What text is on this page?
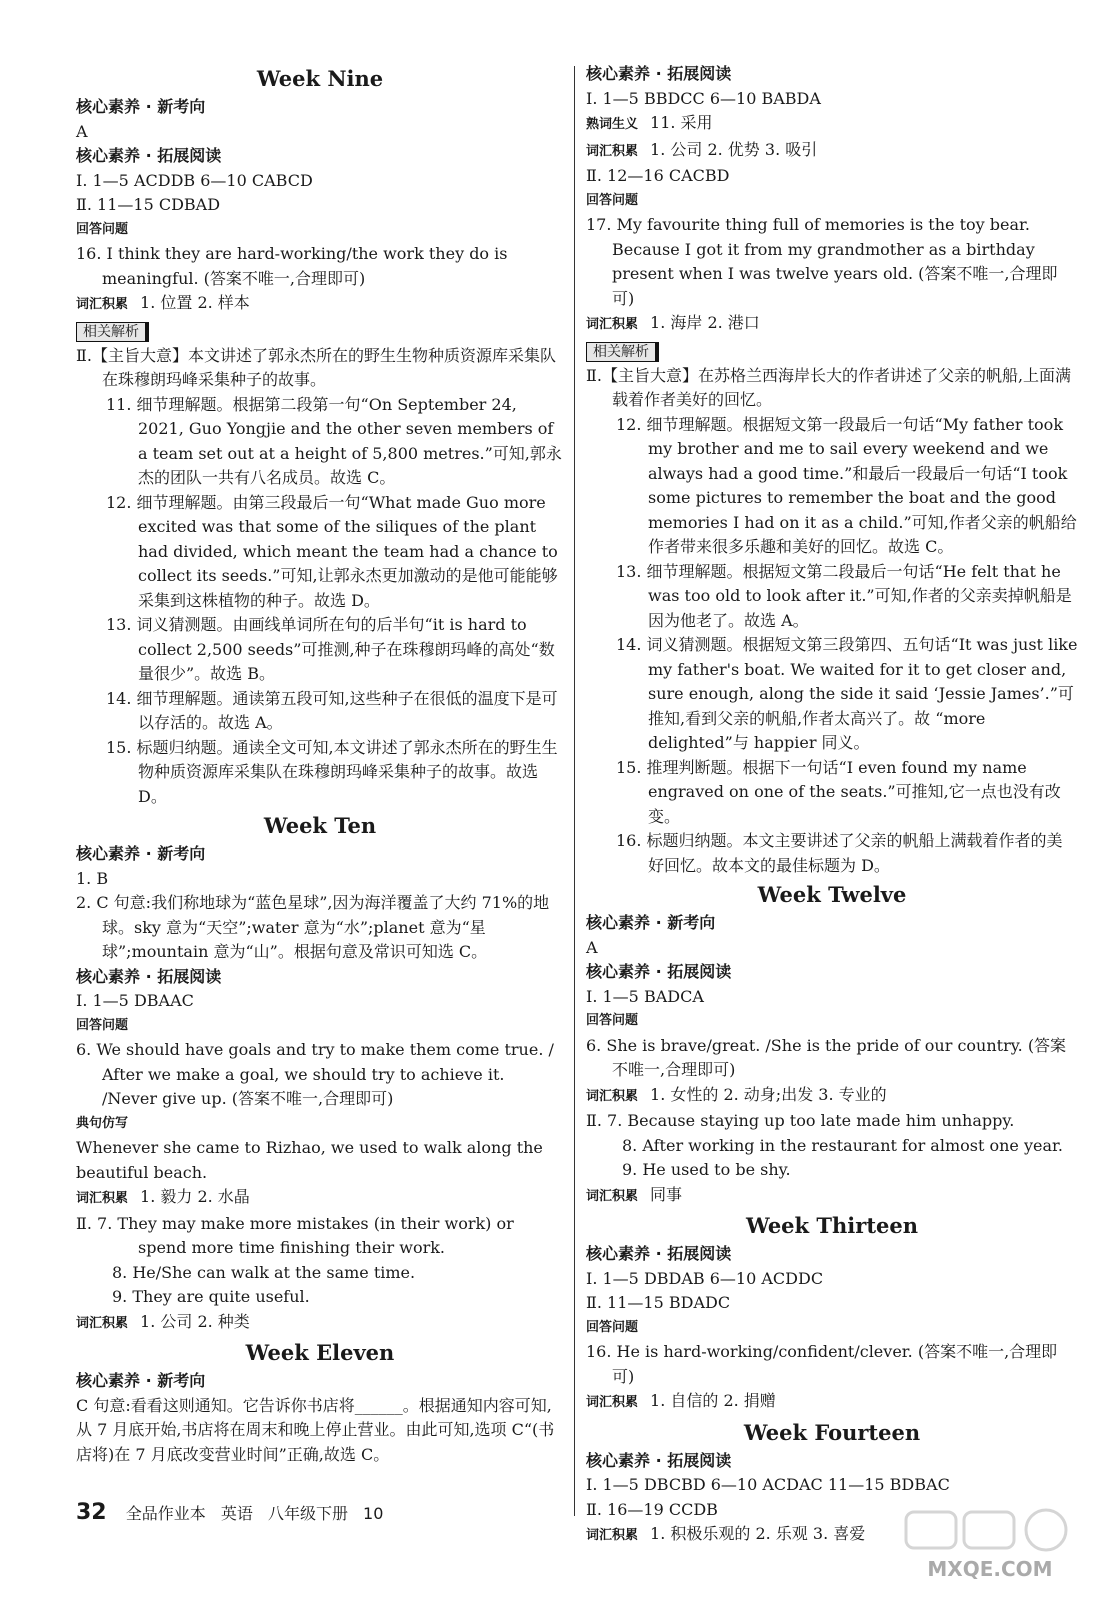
Week Nine
核心素养 · 新考向
A
核心素养 · 拓展阅读
Ⅰ. 1—5 ACDDB 6—10 CABCD
Ⅱ. 11—15 CDBAD
回答问题
16. I think they are hard-working/the work they do is meaningful. (答案不唯一,合理即可)
词汇积累 1. 位置 2. 样本
相关解析
Ⅱ.【主旨大意】本文讲述了郭永杰所在的野生生物种质资源库采集队在珠穆朗玛峰采集种子的故事。
11. 细节理解题。根据第二段第一句“On September 24, 2021, Guo Yongjie and the other seven members of a team set out at a height of 5,800 metres.”可知,郭永杰的团队一共有八名成员。故选 C。
12. 细节理解题。由第三段最后一句“What made Guo more excited was that some of the siliques of the plant had divided, which meant the team had a chance to collect its seeds.”可知,让郭永杰更加激动的是他可能能够采集到这株植物的种子。故选 D。
13. 词义猜测题。由画线单词所在句的后半句“it is hard to collect 2,500 seeds”可推测,种子在珠穆朗玛峰的高处“数量很少”。故选 B。
14. 细节理解题。通读第五段可知,这些种子在很低的温度下是可以存活的。故选 A。
15. 标题归纳题。通读全文可知,本文讲述了郭永杰所在的野生生物种质资源库采集队在珠穆朗玛峰采集种子的故事。故选 D。
Week Ten
核心素养 · 新考向
1. B
2. C 句意:我们称地球为“蓝色星球”,因为海洋覆盖了大约 71%的地球。sky 意为“天空”;water 意为“水”;planet 意为“星球”;mountain 意为“山”。根据句意及常识可知选 C。
核心素养 · 拓展阅读
Ⅰ. 1—5 DBAAC
回答问题
6. We should have goals and try to make them come true. / After we make a goal, we should try to achieve it. /Never give up. (答案不唯一,合理即可)
典句仿写
Whenever she came to Rizhao, we used to walk along the beautiful beach.
词汇积累 1. 毅力 2. 水晶
Ⅱ. 7. They may make more mistakes (in their work) or spend more time finishing their work.
8. He/She can walk at the same time.
9. They are quite useful.
词汇积累 1. 公司 2. 种类
Week Eleven
核心素养 · 新考向
C 句意:看看这则通知。它告诉你书店将______。根据通知内容可知,从 7 月底开始,书店将在周末和晚上停止营业。由此可知,选项 C“(书店将)在 7 月底改变营业时间”正确,故选 C。
核心素养 · 拓展阅读
Ⅰ. 1—5 BBDCC 6—10 BABDA
熟词生义 11. 采用
词汇积累 1. 公司 2. 优势 3. 吸引
Ⅱ. 12—16 CACBD
回答问题
17. My favourite thing full of memories is the toy bear. Because I got it from my grandmother as a birthday present when I was twelve years old. (答案不唯一,合理即可)
词汇积累 1. 海岸 2. 港口
相关解析
Ⅱ.【主旨大意】在苏格兰西海岸长大的作者讲述了父亲的帆船,上面满载着作者美好的回忆。
12. 细节理解题。根据短文第一段最后一句话“My father took my brother and me to sail every weekend and we always had a good time.”和最后一段最后一句话“I took some pictures to remember the boat and the good memories I had on it as a child.”可知,作者父亲的帆船给作者带来很多乐趣和美好的回忆。故选 C。
13. 细节理解题。根据短文第二段最后一句话“He felt that he was too old to look after it.”可知,作者的父亲卖掉帆船是因为他老了。故选 A。
14. 词义猜测题。根据短文第三段第四、五句话“It was just like my father's boat. We waited for it to get closer and, sure enough, along the side it said ‘Jessie James’.”可推知,看到父亲的帆船,作者太高兴了。故 “more delighted”与 happier 同义。
15. 推理判断题。根据下一句话“I even found my name engraved on one of the seats.”可推知,它一点也没有改变。
16. 标题归纳题。本文主要讲述了父亲的帆船上满载着作者的美好回忆。故本文的最佳标题为 D。
Week Twelve
核心素养 · 新考向
A
核心素养 · 拓展阅读
Ⅰ. 1—5 BADCA
回答问题
6. She is brave/great. /She is the pride of our country. (答案不唯一,合理即可)
词汇积累 1. 女性的 2. 动身;出发 3. 专业的
Ⅱ. 7. Because staying up too late made him unhappy.
8. After working in the restaurant for almost one year.
9. He used to be shy.
词汇积累 同事
Week Thirteen
核心素养 · 拓展阅读
Ⅰ. 1—5 DBDAB 6—10 ACDDC
Ⅱ. 11—15 BDADC
回答问题
16. He is hard-working/confident/clever. (答案不唯一,合理即可)
词汇积累 1. 自信的 2. 捐赠
Week Fourteen
核心素养 · 拓展阅读
Ⅰ. 1—5 DBCBD 6—10 ACDAC 11—15 BDBAC
Ⅱ. 16—19 CCDB
词汇积累 1. 积极乐观的 2. 乐观 3. 喜爱
32 全品作业本 英语 八年级下册 10
MXQE.COM
